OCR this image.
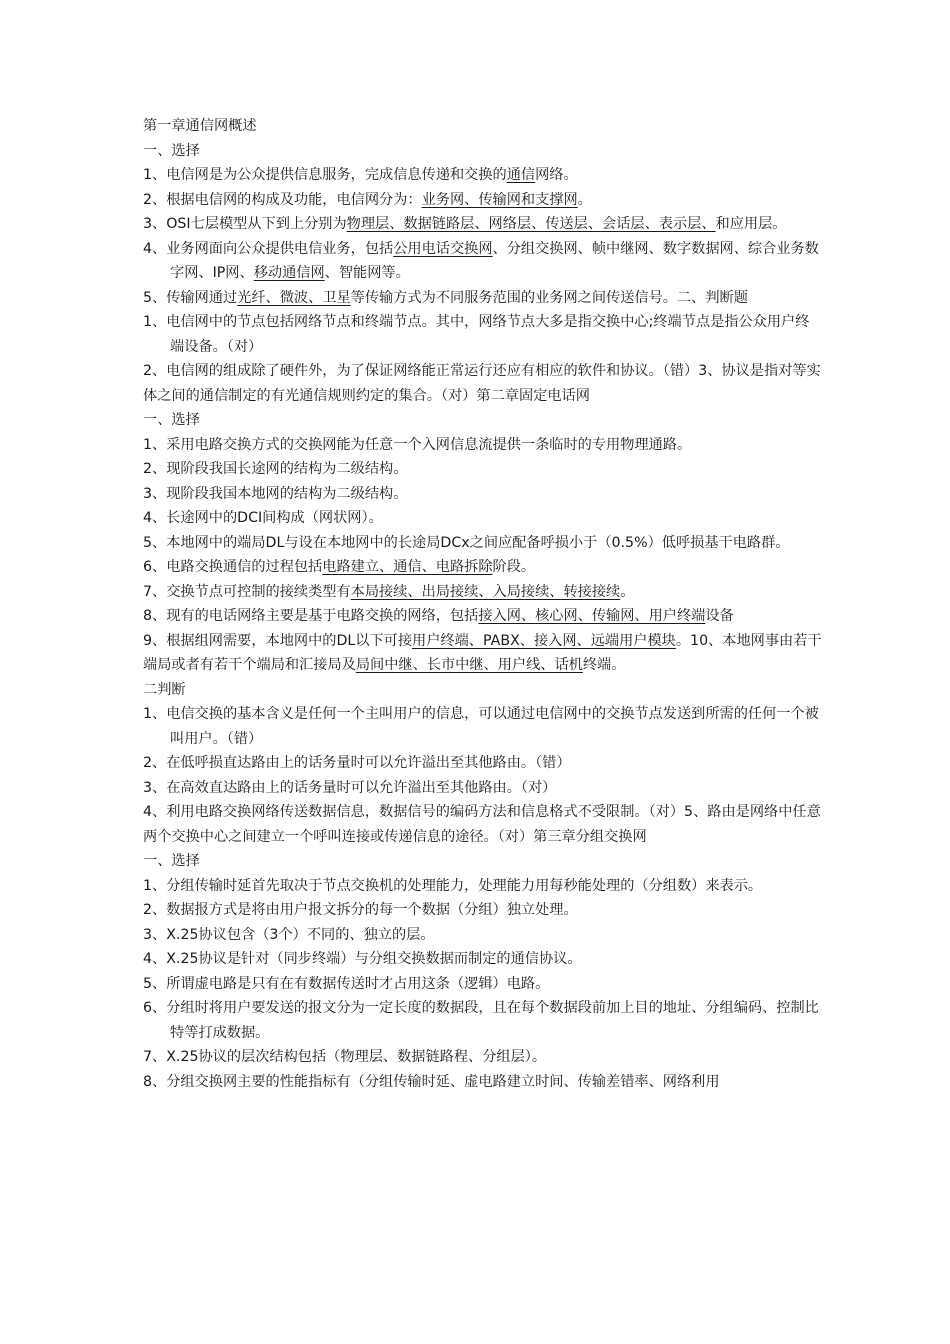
第一章通信网概述
一、选择
1、电信网是为公众提供信息服务，完成信息传递和交换的通信网络。
2、根据电信网的构成及功能，电信网分为：业务网、传输网和支撑网。
3、OSI七层模型从下到上分别为物理层、数据链路层、网络层、传送层、会话层、表示层、和应用层。
4、业务网面向公众提供电信业务，包括公用电话交换网、分组交换网、帧中继网、数字数据网、综合业务数字网、IP网、移动通信网、智能网等。
5、传输网通过光纤、微波、卫星等传输方式为不同服务范围的业务网之间传送信号。二、判断题
1、电信网中的节点包括网络节点和终端节点。其中，网络节点大多是指交换中心;终端节点是指公众用户终端设备。（对）
2、电信网的组成除了硬件外，为了保证网络能正常运行还应有相应的软件和协议。（错）3、协议是指对等实体之间的通信制定的有光通信规则约定的集合。（对）第二章固定电话网
一、选择
1、采用电路交换方式的交换网能为任意一个入网信息流提供一条临时的专用物理通路。
2、现阶段我国长途网的结构为二级结构。
3、现阶段我国本地网的结构为二级结构。
4、长途网中的DCI间构成（网状网）。
5、本地网中的端局DL与设在本地网中的长途局DCx之间应配备呼损小于（0.5%）低呼损基干电路群。
6、电路交换通信的过程包括电路建立、通信、电路拆除阶段。
7、交换节点可控制的接续类型有本局接续、出局接续、入局接续、转接接续。
8、现有的电话网络主要是基于电路交换的网络，包括接入网、核心网、传输网、用户终端设备
9、根据组网需要，本地网中的DL以下可接用户终端、PABX、接入网、远端用户模块。10、本地网事由若干端局或者有若干个端局和汇接局及局间中继、长市中继、用户线、话机终端。
二判断
1、电信交换的基本含义是任何一个主叫用户的信息，可以通过电信网中的交换节点发送到所需的任何一个被叫用户。（错）
2、在低呼损直达路由上的话务量时可以允许溢出至其他路由。（错）
3、在高效直达路由上的话务量时可以允许溢出至其他路由。（对）
4、利用电路交换网络传送数据信息，数据信号的编码方法和信息格式不受限制。（对）5、路由是网络中任意两个交换中心之间建立一个呼叫连接或传递信息的途径。（对）第三章分组交换网
一、选择
1、分组传输时延首先取决于节点交换机的处理能力，处理能力用每秒能处理的（分组数）来表示。
2、数据报方式是将由用户报文拆分的每一个数据（分组）独立处理。
3、X.25协议包含（3个）不同的、独立的层。
4、X.25协议是针对（同步终端）与分组交换数据而制定的通信协议。
5、所谓虚电路是只有在有数据传送时才占用这条（逻辑）电路。
6、分组时将用户要发送的报文分为一定长度的数据段，且在每个数据段前加上目的地址、分组编码、控制比特等打成数据。
7、X.25协议的层次结构包括（物理层、数据链路程、分组层）。
8、分组交换网主要的性能指标有（分组传输时延、虚电路建立时间、传输差错率、网络利用
